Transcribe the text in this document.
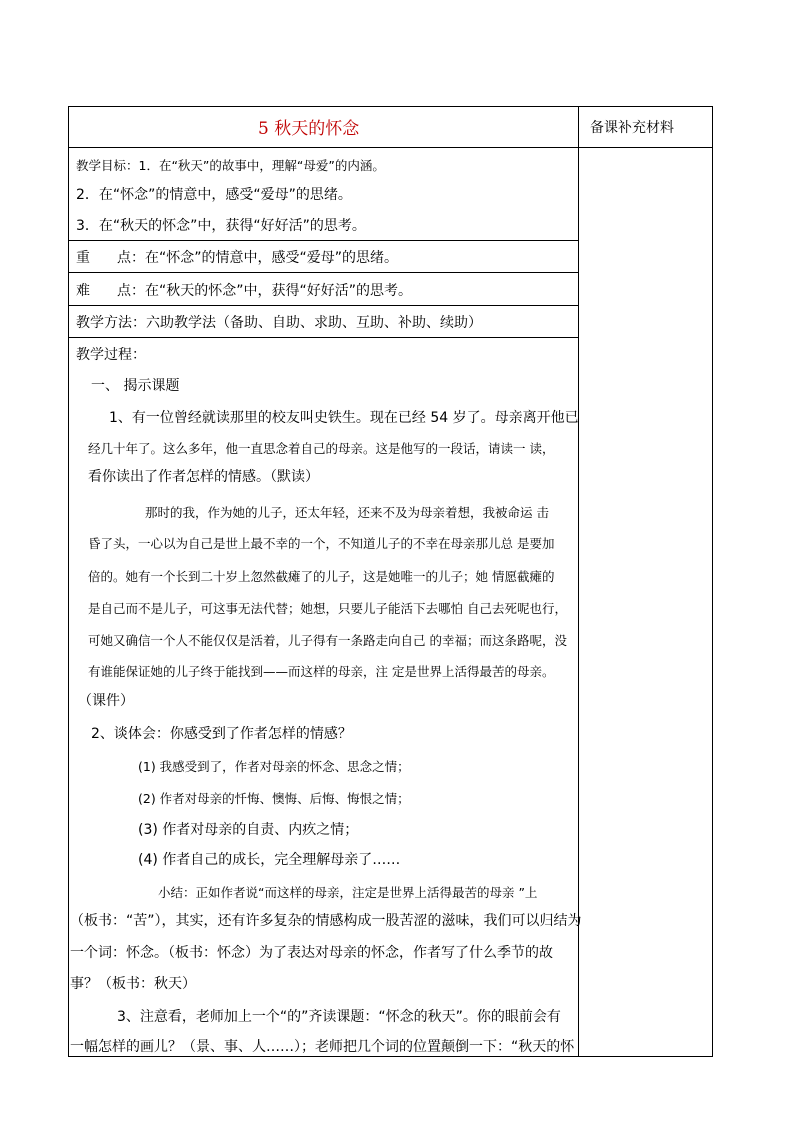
5 秋天的怀念	备课补充材料
教学目标：1．在“秋天”的故事中，理解“母爱”的内涵。
2．在“怀念”的情意中，感受“爱母”的思绪。
3．在“秋天的怀念”中，获得“好好活”的思考。
重 点： 在“怀念”的情意中，感受“爱母”的思绪。
难 点： 在“秋天的怀念”中，获得“好好活”的思考。
教学方法：六助教学法（备助、自助、求助、互助、补助、续助）
教学过程：
一、 揭示课题
1、有一位曾经就读那里的校友叫史铁生。现在已经 54 岁了。母亲离开他已
经几十年了。这么多年，他一直思念着自己的母亲。这是他写的一段话，请读一 读，
看你读出了作者怎样的情感。（默读）
那时的我，作为她的儿子，还太年轻，还来不及为母亲着想，我被命运 击
昏了头，一心以为自己是世上最不幸的一个，不知道儿子的不幸在母亲那儿总 是要加
倍的。她有一个长到二十岁上忽然截瘫了的儿子，这是她唯一的儿子；她 情愿截瘫的
是自己而不是儿子，可这事无法代替；她想，只要儿子能活下去哪怕 自己去死呢也行，
可她又确信一个人不能仅仅是活着，儿子得有一条路走向自己 的幸福；而这条路呢，没
有谁能保证她的儿子终于能找到——而这样的母亲，注 定是世界上活得最苦的母亲。
（课件）
2、谈体会：你感受到了作者怎样的情感？
(1) 我感受到了，作者对母亲的怀念、思念之情；
(2) 作者对母亲的忏悔、懊悔、后悔、悔恨之情；
(3) 作者对母亲的自责、内疚之情；
(4) 作者自己的成长，完全理解母亲了……
小结：正如作者说“而这样的母亲，注定是世界上活得最苦的母亲 ”上
（板书：“苦”），其实，还有许多复杂的情感构成一股苦涩的滋味，我们可以归结为
一个词：怀念。（板书：怀念）为了表达对母亲的怀念，作者写了什么季节的故
事？（板书：秋天）
3、注意看，老师加上一个“的”齐读课题：“怀念的秋天”。你的眼前会有
一幅怎样的画儿？（景、事、人……）；老师把几个词的位置颠倒一下：“秋天的怀
